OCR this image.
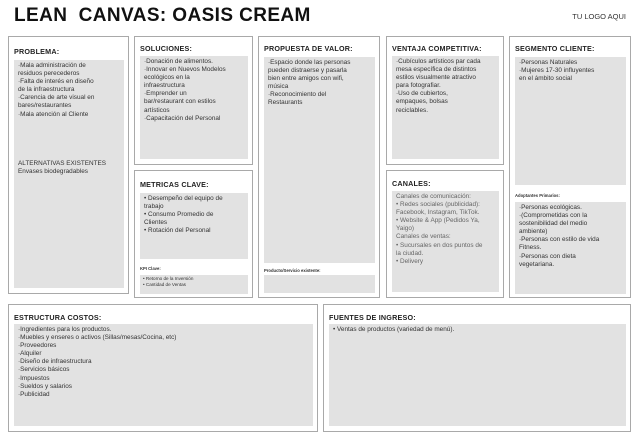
LEAN  CANVAS: OASIS CREAM	TU LOGO AQUI
PROBLEMA:
·Mala administración de
residuos perecederos
·Falta de interés en diseño
de la infraestructura
·Carencia de arte visual en
bares/restaurantes
·Mala atención al Cliente
ALTERNATIVAS EXISTENTES
Envases biodegradables
SOLUCIONES:
·Donación de alimentos.
·Innovar en Nuevos Modelos
ecológicos en la
infraestructura
·Emprender un
bar/restaurant con estilos
artísticos
·Capacitación del Personal
METRICAS CLAVE:
• Desempeño del equipo de
trabajo
• Consumo Promedio de
Clientes
• Rotación del Personal
KPI Clave:
• Retorno de la Inversión
• Cantidad de Ventas
PROPUESTA DE VALOR:
·Espacio donde las personas
pueden distraerse y pasarla
bien entre amigos con wifi,
música
·Reconocimiento del
Restaurants
Producto/Servicio existente:
VENTAJA COMPETITIVA:
·Cubículos artísticos par cada
mesa específica de distintos
estilos visualmente atractivo
para fotografiar.
·Uso de cubiertos,
empaques, bolsas
reciclables.
CANALES:
Canales de comunicación:
• Redes sociales (publicidad):
Facebook, Instagram, TikTok.
• Website & App (Pedidos Ya,
Yaigo)
Canales de ventas:
• Sucursales en dos puntos de
la ciudad.
• Delivery
SEGMENTO CLIENTE:
·Personas Naturales
·Mujeres 17-30 influyentes
en el ámbito social
Adoptantes Primarios:
·Personas ecológicas.
·(Comprometidas con la
sostenibilidad del medio
ambiente)
·Personas con estilo de vida
Fitness.
·Personas con dieta
vegetariana.
ESTRUCTURA COSTOS:
·Ingredientes para los productos.
·Muebles y enseres o activos (Sillas/mesas/Cocina, etc)
·Proveedores
·Alquiler
·Diseño de infraestructura
·Servicios básicos
·Impuestos
·Sueldos y salarios
·Publicidad
FUENTES DE INGRESO:
• Ventas de productos (variedad de menú).
